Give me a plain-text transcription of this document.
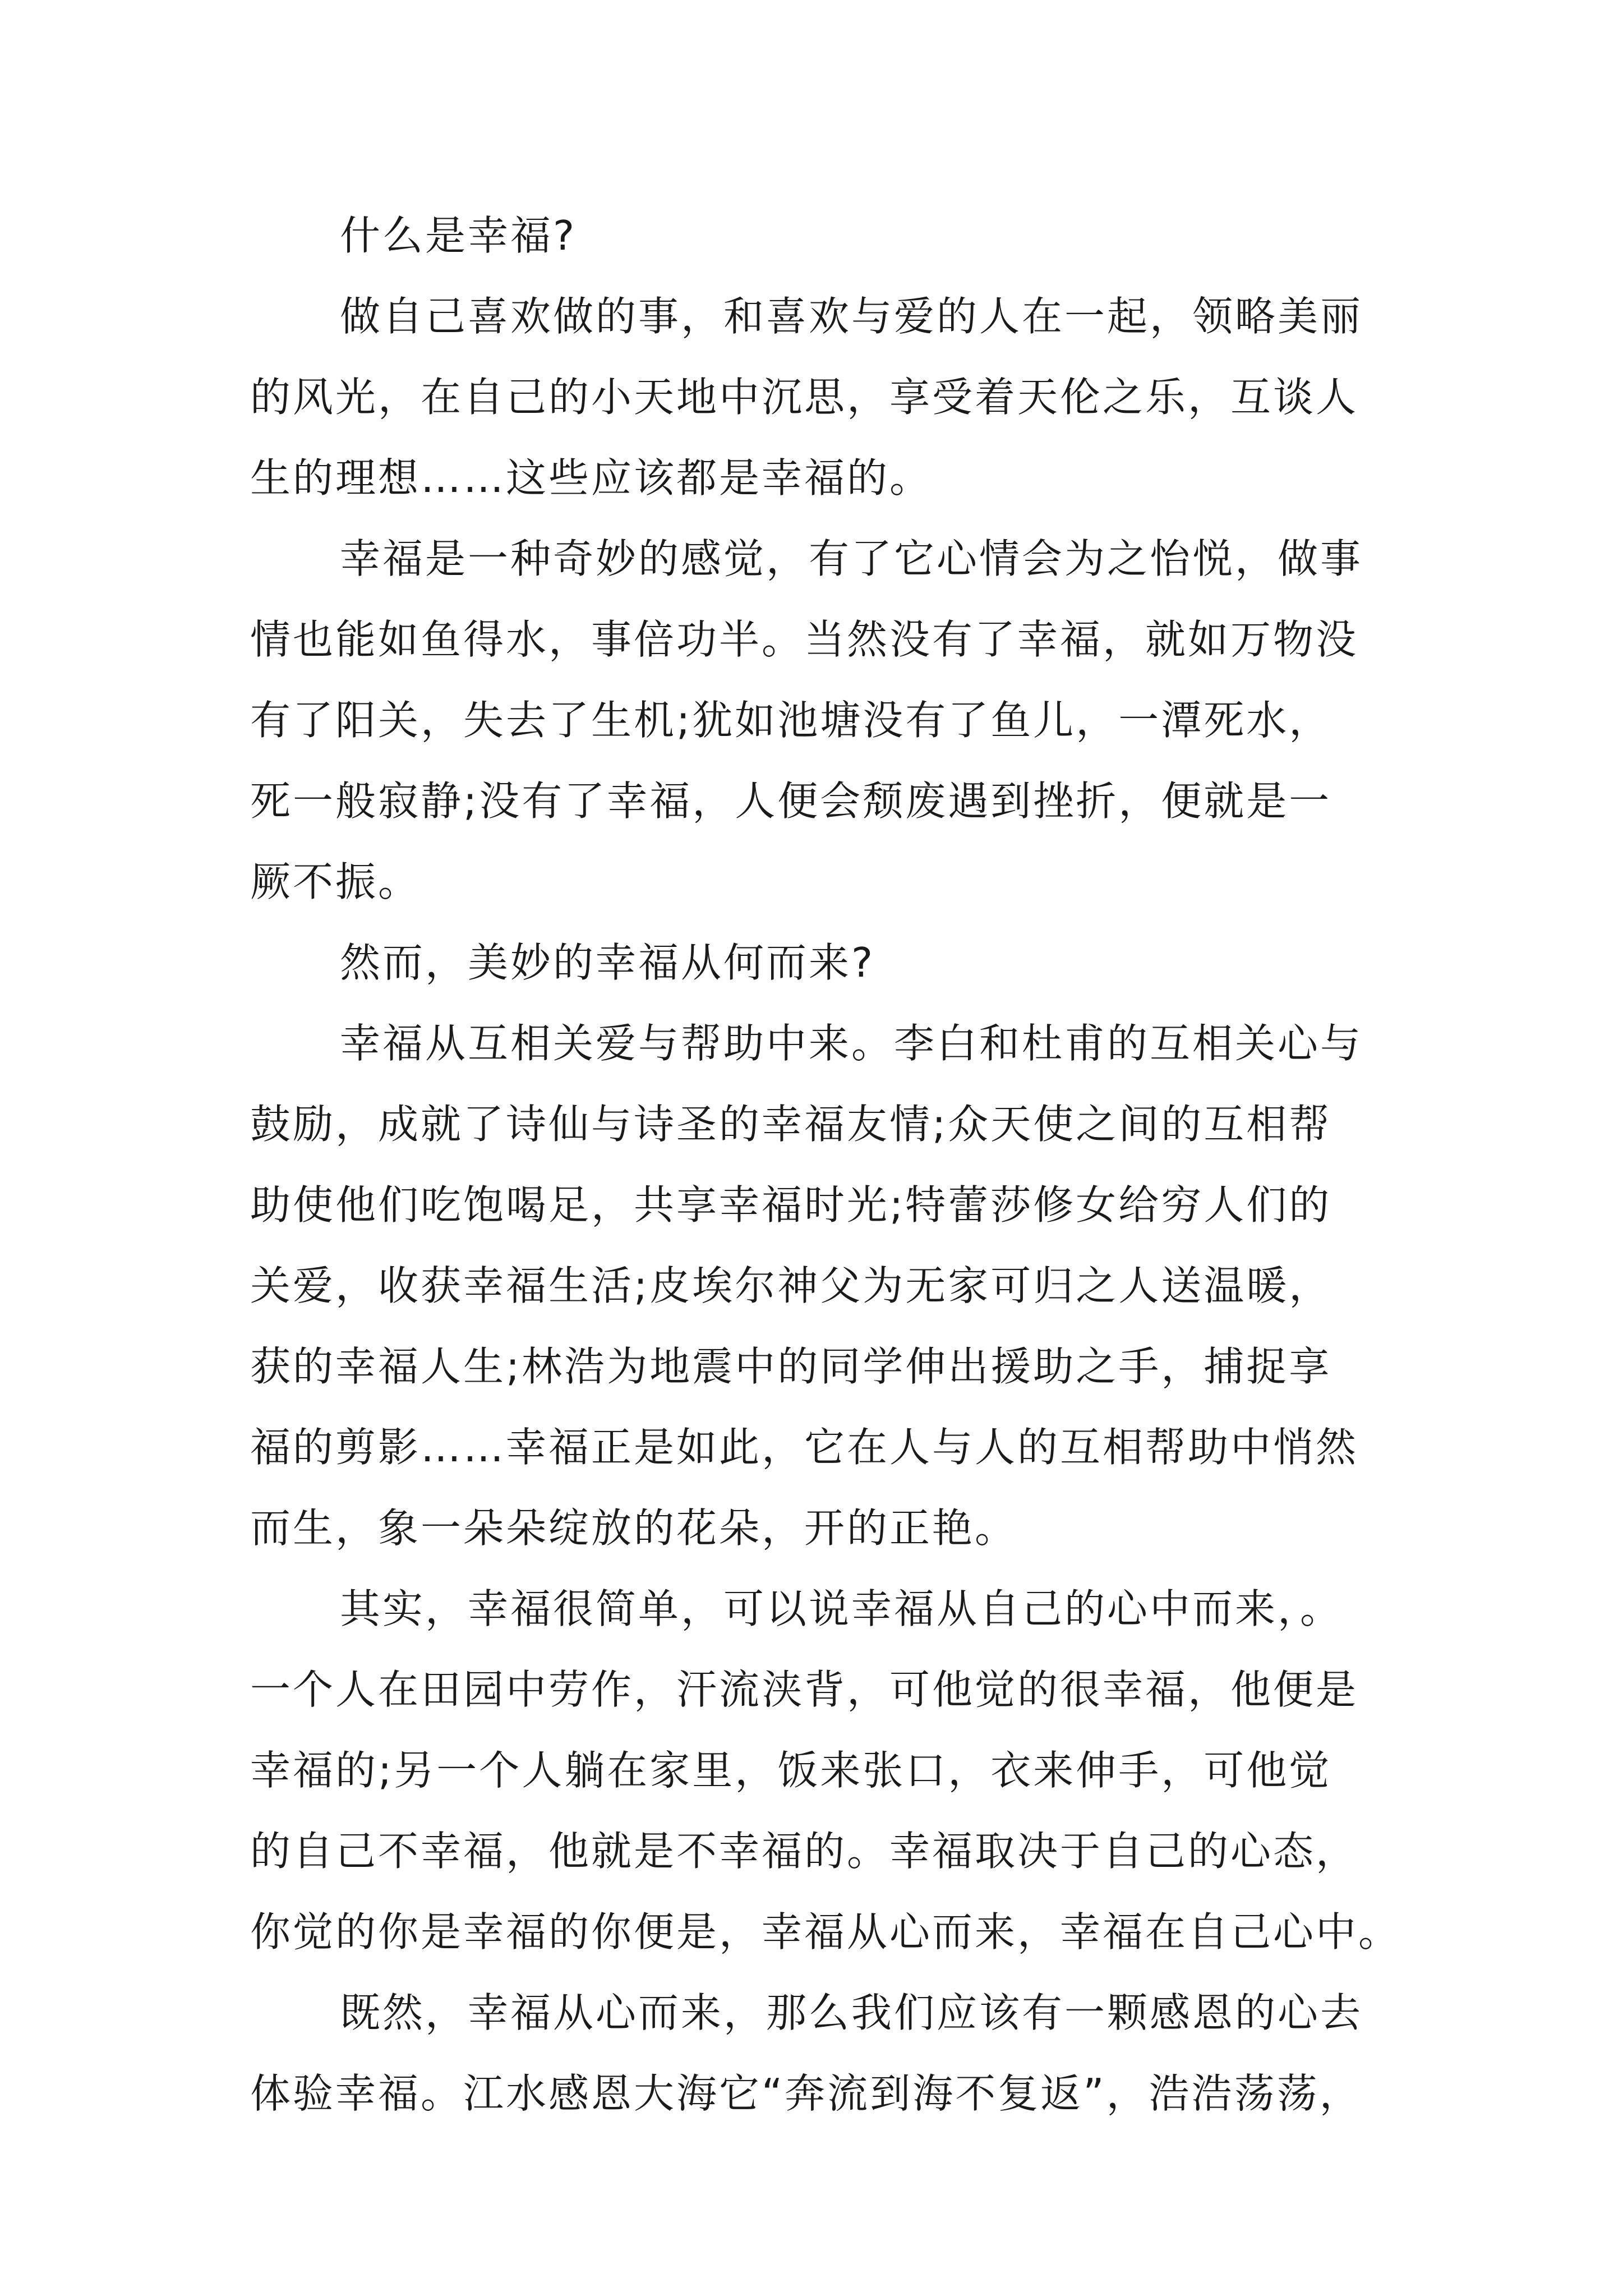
什么是幸福?
做自己喜欢做的事，和喜欢与爱的人在一起，领略美丽
的风光，在自己的小天地中沉思，享受着天伦之乐，互谈人
生的理想……这些应该都是幸福的。
幸福是一种奇妙的感觉，有了它心情会为之怡悦，做事
情也能如鱼得水，事倍功半。当然没有了幸福，就如万物没
有了阳关，失去了生机;犹如池塘没有了鱼儿，一潭死水，
死一般寂静;没有了幸福，人便会颓废遇到挫折，便就是一
厥不振。
然而，美妙的幸福从何而来?
幸福从互相关爱与帮助中来。李白和杜甫的互相关心与
鼓励，成就了诗仙与诗圣的幸福友情;众天使之间的互相帮
助使他们吃饱喝足，共享幸福时光;特蕾莎修女给穷人们的
关爱，收获幸福生活;皮埃尔神父为无家可归之人送温暖，
获的幸福人生;林浩为地震中的同学伸出援助之手，捕捉享
福的剪影……幸福正是如此，它在人与人的互相帮助中悄然
而生，象一朵朵绽放的花朵，开的正艳。
其实，幸福很简单，可以说幸福从自己的心中而来，。
一个人在田园中劳作，汗流浃背，可他觉的很幸福，他便是
幸福的;另一个人躺在家里，饭来张口，衣来伸手，可他觉
的自己不幸福，他就是不幸福的。幸福取决于自己的心态，
你觉的你是幸福的你便是，幸福从心而来，幸福在自己心中。
既然，幸福从心而来，那么我们应该有一颗感恩的心去
体验幸福。江水感恩大海它“奔流到海不复返”，浩浩荡荡，
